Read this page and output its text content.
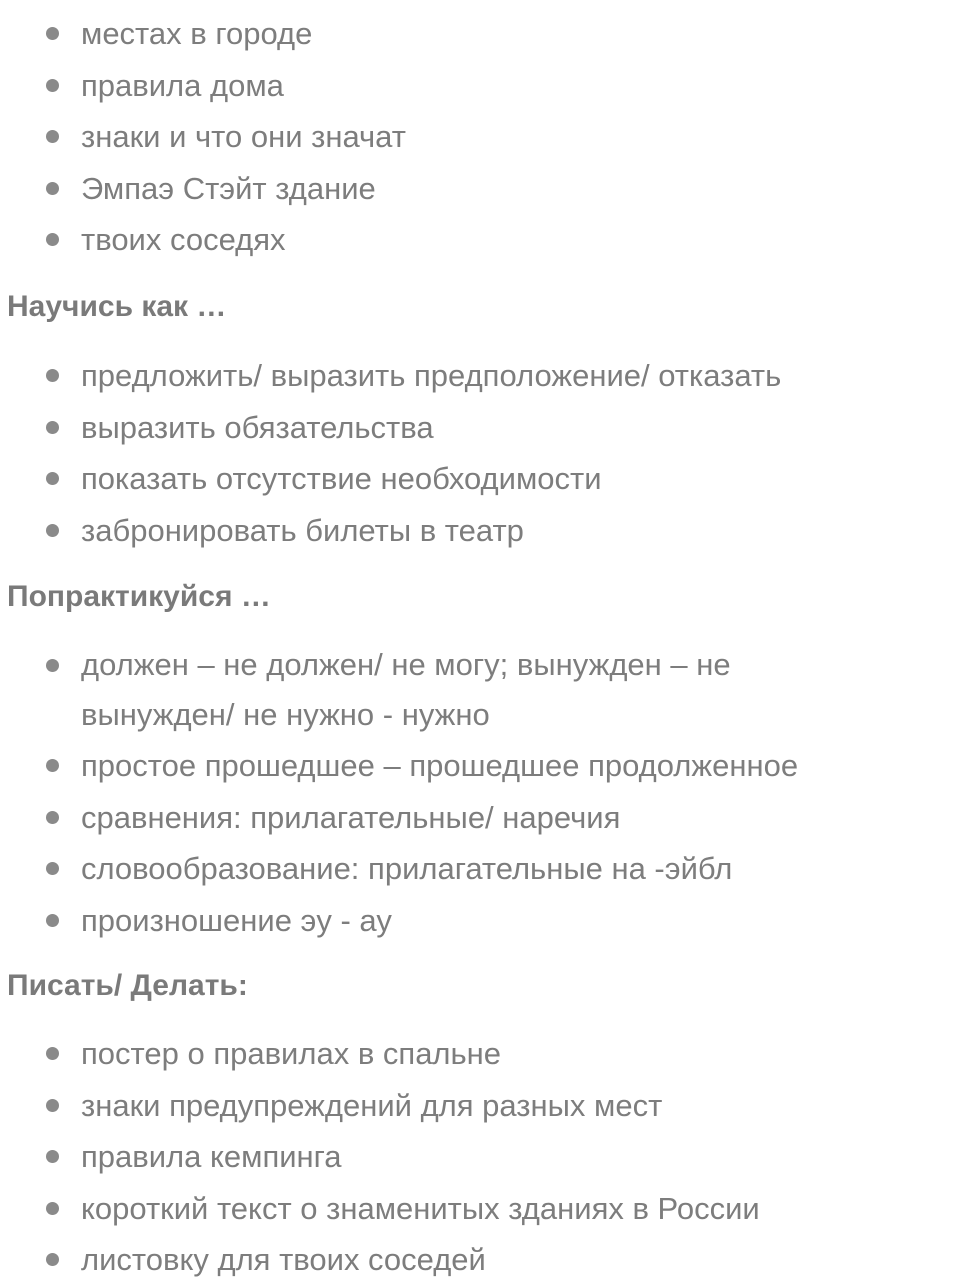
местах в городе
правила дома
знаки и что они значат
Эмпаэ Стэйт здание
твоих соседях
Научись как …
предложить/ выразить предположение/ отказать
выразить обязательства
показать отсутствие необходимости
забронировать билеты в театр
Попрактикуйся …
должен – не должен/ не могу; вынужден – не вынужден/ не нужно - нужно
простое прошедшее – прошедшее продолженное
сравнения: прилагательные/ наречия
словообразование: прилагательные на -эйбл
произношение эу - ау
Писать/ Делать:
постер о правилах в спальне
знаки предупреждений для разных мест
правила кемпинга
короткий текст о знаменитых зданиях в России
листовку для твоих соседей
